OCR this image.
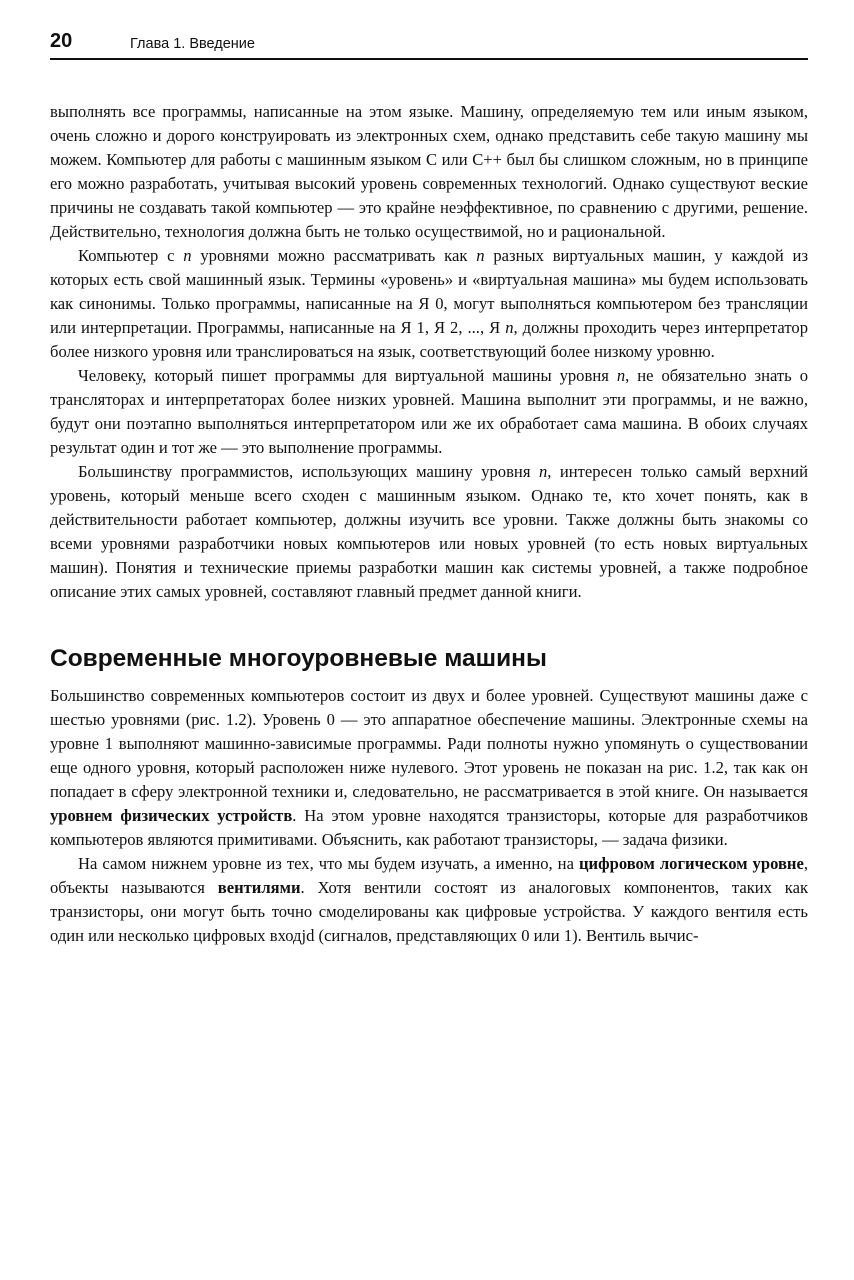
20	Глава 1. Введение

выполнять все программы, написанные на этом языке. Машину, определяемую тем или иным языком, очень сложно и дорого конструировать из электронных схем, однако представить себе такую машину мы можем. Компьютер для работы с машинным языком C или C++ был бы слишком сложным, но в принципе его можно разработать, учитывая высокий уровень современных технологий. Однако существуют веские причины не создавать такой компьютер — это крайне неэффективное, по сравнению с другими, решение. Действительно, технология должна быть не только осуществимой, но и рациональной.

Компьютер с n уровнями можно рассматривать как n разных виртуальных машин, у каждой из которых есть свой машинный язык. Термины «уровень» и «виртуальная машина» мы будем использовать как синонимы. Только программы, написанные на Я 0, могут выполняться компьютером без трансляции или интерпретации. Программы, написанные на Я 1, Я 2, ..., Я n, должны проходить через интерпретатор более низкого уровня или транслироваться на язык, соответствующий более низкому уровню.

Человеку, который пишет программы для виртуальной машины уровня n, не обязательно знать о трансляторах и интерпретаторах более низких уровней. Машина выполнит эти программы, и не важно, будут они поэтапно выполняться интерпретатором или же их обработает сама машина. В обоих случаях результат один и тот же — это выполнение программы.

Большинству программистов, использующих машину уровня n, интересен только самый верхний уровень, который меньше всего сходен с машинным языком. Однако те, кто хочет понять, как в действительности работает компьютер, должны изучить все уровни. Также должны быть знакомы со всеми уровнями разработчики новых компьютеров или новых уровней (то есть новых виртуальных машин). Понятия и технические приемы разработки машин как системы уровней, а также подробное описание этих самых уровней, составляют главный предмет данной книги.

Современные многоуровневые машины

Большинство современных компьютеров состоит из двух и более уровней. Существуют машины даже с шестью уровнями (рис. 1.2). Уровень 0 — это аппаратное обеспечение машины. Электронные схемы на уровне 1 выполняют машинно-зависимые программы. Ради полноты нужно упомянуть о существовании еще одного уровня, который расположен ниже нулевого. Этот уровень не показан на рис. 1.2, так как он попадает в сферу электронной техники и, следовательно, не рассматривается в этой книге. Он называется уровнем физических устройств. На этом уровне находятся транзисторы, которые для разработчиков компьютеров являются примитивами. Объяснить, как работают транзисторы, — задача физики.

На самом нижнем уровне из тех, что мы будем изучать, а именно, на цифровом логическом уровне, объекты называются вентилями. Хотя вентили состоят из аналоговых компонентов, таких как транзисторы, они могут быть точно смоделированы как цифровые устройства. У каждого вентиля есть один или несколько цифровых входjd (сигналов, представляющих 0 или 1). Вентиль вычис-
